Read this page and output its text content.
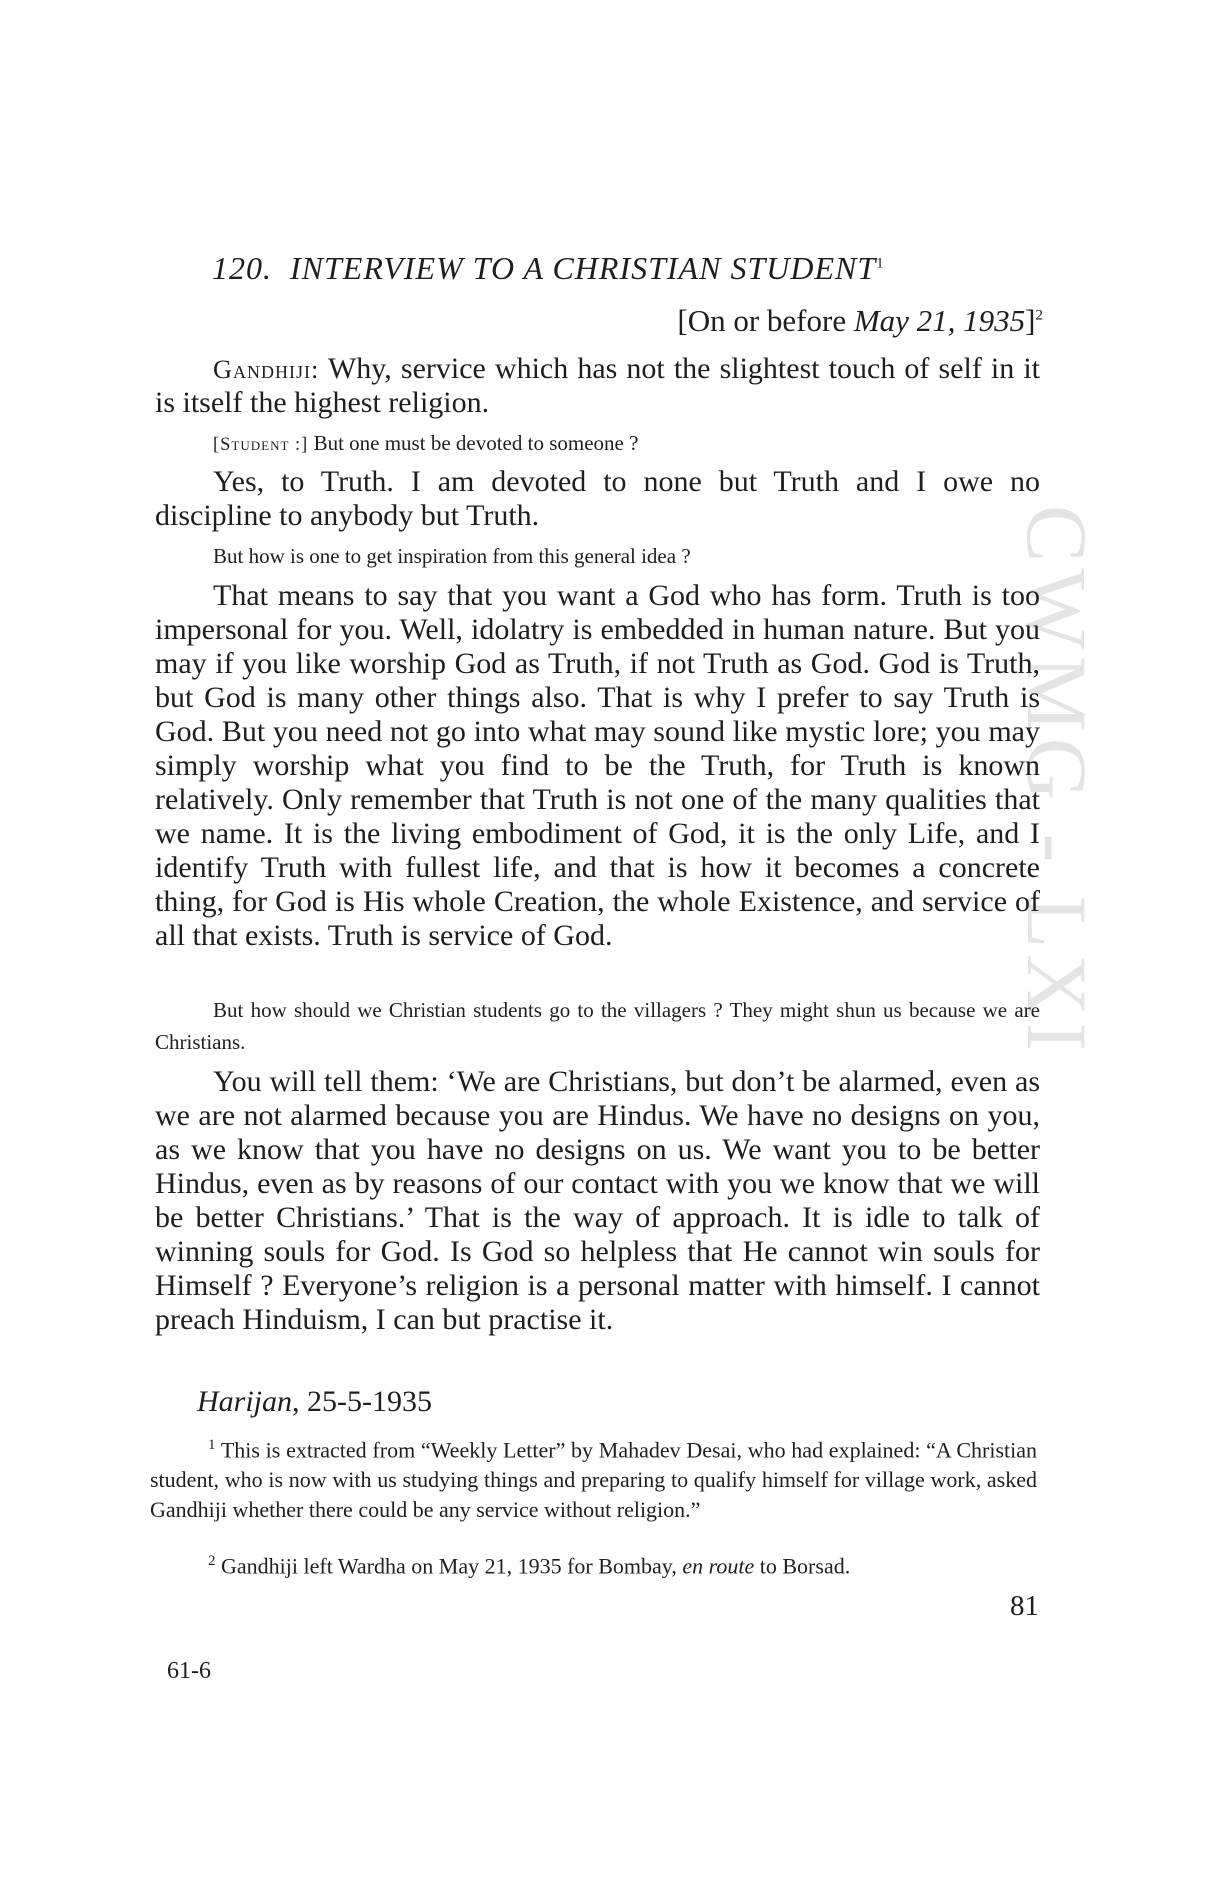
CWMG - LXI
120. INTERVIEW TO A CHRISTIAN STUDENT$^1$
[On or before May 21, 1935]$^2$
Gandhiji: Why, service which has not the slightest touch of self in it is itself the highest religion.
[Student :] But one must be devoted to someone ?
Yes, to Truth. I am devoted to none but Truth and I owe no discipline to anybody but Truth.
But how is one to get inspiration from this general idea ?
That means to say that you want a God who has form. Truth is too impersonal for you. Well, idolatry is embedded in human nature. But you may if you like worship God as Truth, if not Truth as God. God is Truth, but God is many other things also. That is why I prefer to say Truth is God. But you need not go into what may sound like mystic lore; you may simply worship what you find to be the Truth, for Truth is known relatively. Only remember that Truth is not one of the many qualities that we name. It is the living embodiment of God, it is the only Life, and I identify Truth with fullest life, and that is how it becomes a concrete thing, for God is His whole Creation, the whole Existence, and service of all that exists. Truth is service of God.
But how should we Christian students go to the villagers ? They might shun us because we are Christians.
You will tell them: ‘We are Christians, but don’t be alarmed, even as we are not alarmed because you are Hindus. We have no designs on you, as we know that you have no designs on us. We want you to be better Hindus, even as by reasons of our contact with you we know that we will be better Christians.’ That is the way of approach. It is idle to talk of winning souls for God. Is God so helpless that He cannot win souls for Himself ? Everyone’s religion is a personal matter with himself. I cannot preach Hinduism, I can but practise it.
Harijan, 25-5-1935
$^1$ This is extracted from “Weekly Letter” by Mahadev Desai, who had explained: “A Christian student, who is now with us studying things and preparing to qualify himself for village work, asked Gandhiji whether there could be any service without religion.”
$^2$ Gandhiji left Wardha on May 21, 1935 for Bombay, en route to Borsad.
81
61-6
